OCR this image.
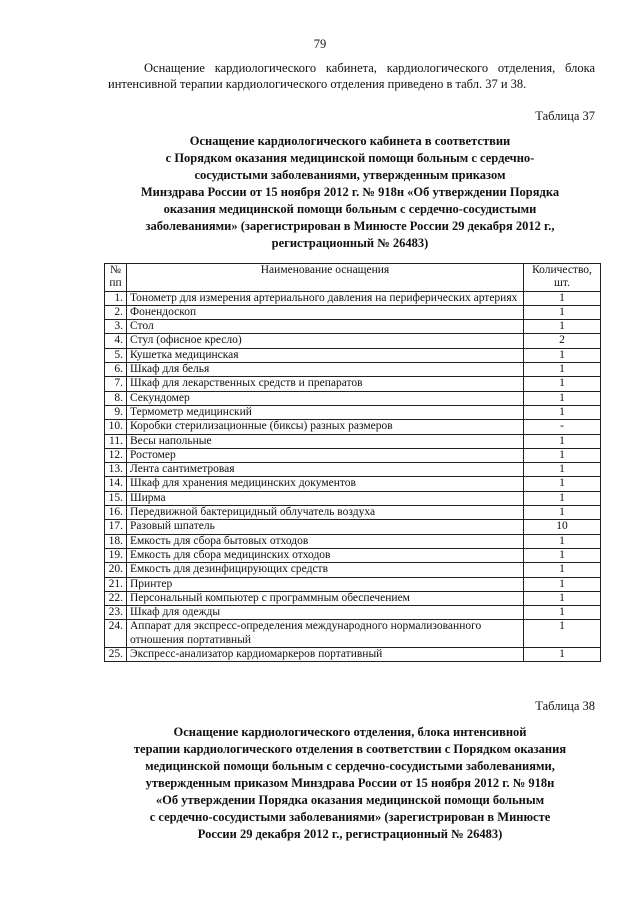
79

Оснащение кардиологического кабинета, кардиологического отделения, блока интенсивной терапии кардиологического отделения приведено в табл. 37 и 38.

Таблица 37
Оснащение кардиологического кабинета в соответствии
с Порядком оказания медицинской помощи больным с сердечно-
сосудистыми заболеваниями, утвержденным приказом
Минздрава России от 15 ноября 2012 г. № 918н «Об утверждении Порядка
оказания медицинской помощи больным с сердечно-сосудистыми
заболеваниями» (зарегистрирован в Минюсте России 29 декабря 2012 г.,
регистрационный № 26483)
№
пп	Наименование оснащения	Количество,
шт.
1.	Тонометр для измерения артериального давления на периферических артериях	1
2.	Фонендоскоп	1
3.	Стол	1
4.	Стул (офисное кресло)	2
5.	Кушетка медицинская	1
6.	Шкаф для белья	1
7.	Шкаф для лекарственных средств и препаратов	1
8.	Секундомер	1
9.	Термометр медицинский	1
10.	Коробки стерилизационные (биксы) разных размеров	-
11.	Весы напольные	1
12.	Ростомер	1
13.	Лента сантиметровая	1
14.	Шкаф для хранения медицинских документов	1
15.	Ширма	1
16.	Передвижной бактерицидный облучатель воздуха	1
17.	Разовый шпатель	10
18.	Емкость для сбора бытовых отходов	1
19.	Емкость для сбора медицинских отходов	1
20.	Емкость для дезинфицирующих средств	1
21.	Принтер	1
22.	Персональный компьютер с программным обеспечением	1
23.	Шкаф для одежды	1
24.	Аппарат для экспресс-определения международного нормализованного отношения портативный	1
25.	Экспресс-анализатор кардиомаркеров портативный	1
Таблица 38
Оснащение кардиологического отделения, блока интенсивной
терапии кардиологического отделения в соответствии с Порядком оказания
медицинской помощи больным с сердечно-сосудистыми заболеваниями,
утвержденным приказом Минздрава России от 15 ноября 2012 г. № 918н
«Об утверждении Порядка оказания медицинской помощи больным
с сердечно-сосудистыми заболеваниями» (зарегистрирован в Минюсте
России 29 декабря 2012 г., регистрационный № 26483)
